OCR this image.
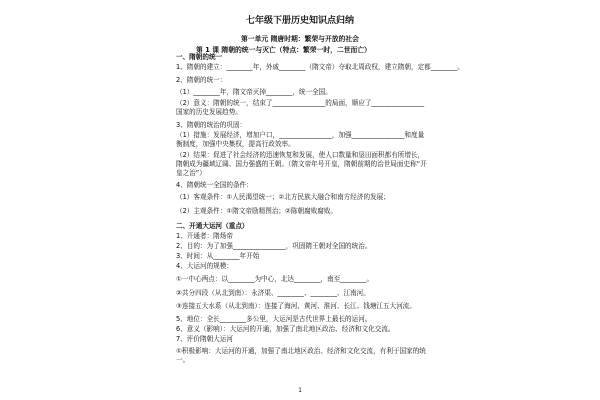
七年级下册历史知识点归纳
第一单元 隋唐时期：繁荣与开放的社会
第 1 课 隋朝的统一与灭亡（特点：繁荣一时，二世而亡）
一、隋朝的统一
1、隋朝的建立：________年，外戚________（隋文帝）夺取北周政权，建立隋朝，定都________。
2、隋朝的统一：
（1）________年，隋文帝灭掉________，统一全国。
（2）意义：隋朝的统一，结束了________________的局面，顺应了________________国家的历史发展趋势。
3、隋朝的统治的巩固：
（1）措施：发展经济，增加户口，________________，加强________________和度量衡制度，加强中央集权，提高行政效率。
（2）结果：促进了社会经济的迅速恢复和发展，使人口数量和垦田面积都有所增长，隋朝成为疆域辽阔、国力强盛的王朝。（隋文帝年号开皇，隋朝前期的治世局面史称“开皇之治”）
4、隋朝统一全国的条件：
（1）客观条件：①人民渴望统一；②北方民族大融合和南方经济的发展；
（2）主观条件：①隋文帝励精图治；②陈朝腐败腐败。
二、开通大运河（重点）
1、开通者：隋炀帝
2、目的：为了加强________________，巩固隋王朝对全国的统治。
3、时间：从________年开始
4、大运河的规模：
①一中心两点：以________为中心，北达________，南至________。
②共分四段（从北到南）：永济渠、________、________、江南河。
③连接五大水系（从北到南）：连接了海河、黄河、淮河、长江、钱塘江五大河流。
5、地位：全长________多公里，大运河是古代世界上最长的运河。
6、意义（影响）：大运河的开通，加强了南北地区政治、经济和文化交流。
7、评价隋朝大运河
①积极影响：大运河的开通，加强了南北地区政治、经济和文化交流，有利于国家的统一。
1
